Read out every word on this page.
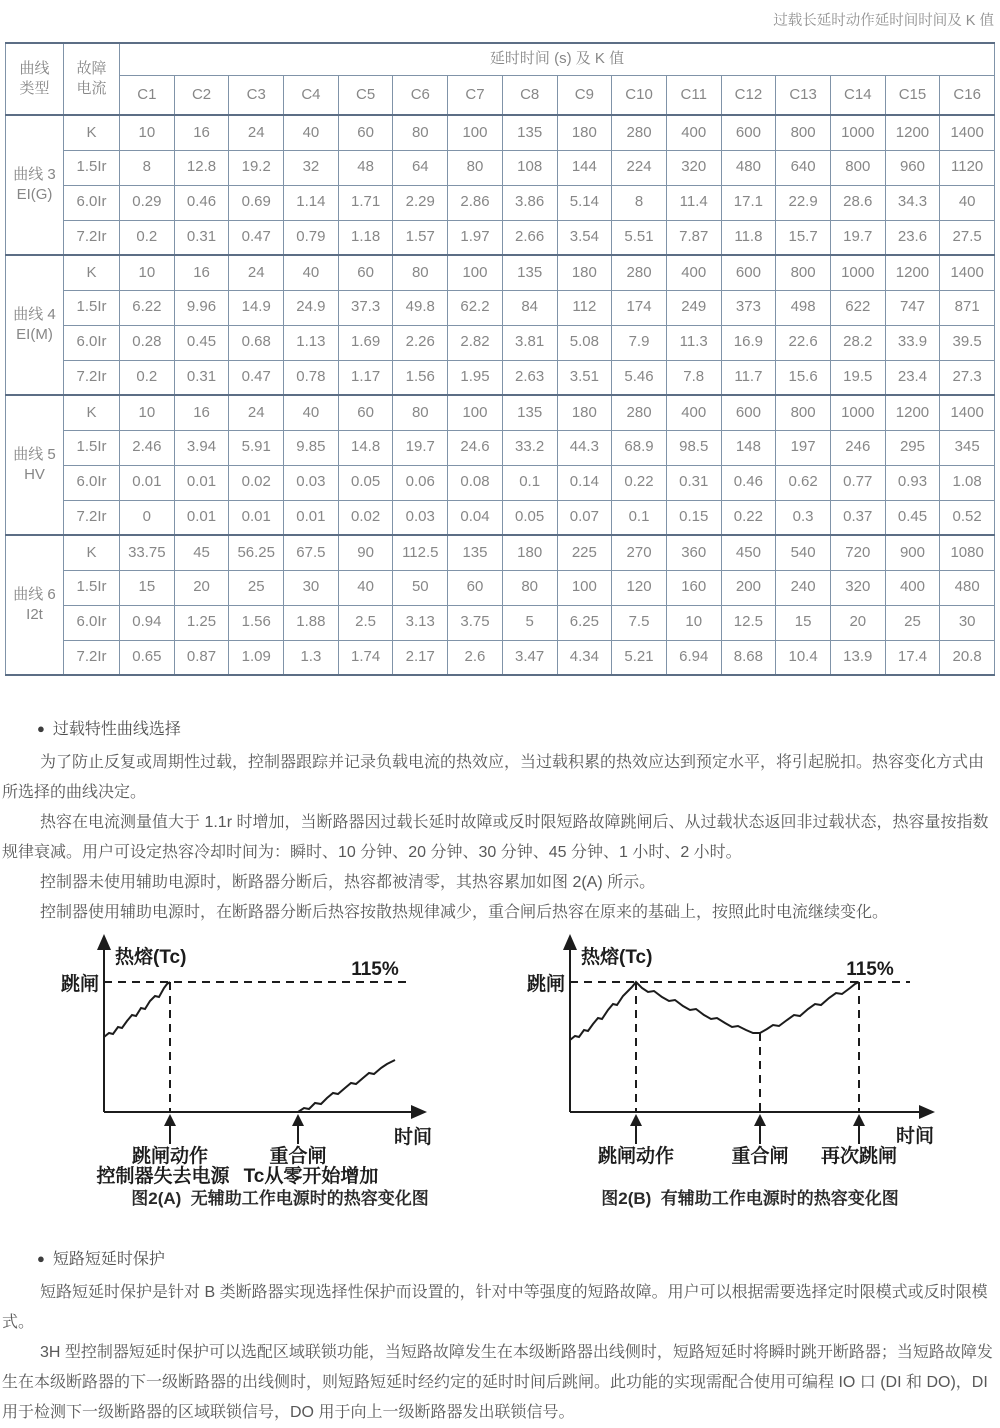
过载长延时动作延时间时间及 K 值
曲线
类型	故障
电流	延时时间 (s) 及 K 值															
		C1	C2	C3	C4	C5	C6	C7	C8	C9	C10	C11	C12	C13	C14	C15	C16
曲线 3
EI(G)	K	10	16	24	40	60	80	100	135	180	280	400	600	800	1000	1200	1400
	1.5Ir	8	12.8	19.2	32	48	64	80	108	144	224	320	480	640	800	960	1120
	6.0Ir	0.29	0.46	0.69	1.14	1.71	2.29	2.86	3.86	5.14	8	11.4	17.1	22.9	28.6	34.3	40
	7.2Ir	0.2	0.31	0.47	0.79	1.18	1.57	1.97	2.66	3.54	5.51	7.87	11.8	15.7	19.7	23.6	27.5
曲线 4
EI(M)	K	10	16	24	40	60	80	100	135	180	280	400	600	800	1000	1200	1400
	1.5Ir	6.22	9.96	14.9	24.9	37.3	49.8	62.2	84	112	174	249	373	498	622	747	871
	6.0Ir	0.28	0.45	0.68	1.13	1.69	2.26	2.82	3.81	5.08	7.9	11.3	16.9	22.6	28.2	33.9	39.5
	7.2Ir	0.2	0.31	0.47	0.78	1.17	1.56	1.95	2.63	3.51	5.46	7.8	11.7	15.6	19.5	23.4	27.3
曲线 5
HV	K	10	16	24	40	60	80	100	135	180	280	400	600	800	1000	1200	1400
	1.5Ir	2.46	3.94	5.91	9.85	14.8	19.7	24.6	33.2	44.3	68.9	98.5	148	197	246	295	345
	6.0Ir	0.01	0.01	0.02	0.03	0.05	0.06	0.08	0.1	0.14	0.22	0.31	0.46	0.62	0.77	0.93	1.08
	7.2Ir	0	0.01	0.01	0.01	0.02	0.03	0.04	0.05	0.07	0.1	0.15	0.22	0.3	0.37	0.45	0.52
曲线 6
I2t	K	33.75	45	56.25	67.5	90	112.5	135	180	225	270	360	450	540	720	900	1080
	1.5Ir	15	20	25	30	40	50	60	80	100	120	160	200	240	320	400	480
	6.0Ir	0.94	1.25	1.56	1.88	2.5	3.13	3.75	5	6.25	7.5	10	12.5	15	20	25	30
	7.2Ir	0.65	0.87	1.09	1.3	1.74	2.17	2.6	3.47	4.34	5.21	6.94	8.68	10.4	13.9	17.4	20.8
● 过载特性曲线选择

为了防止反复或周期性过载，控制器跟踪并记录负载电流的热效应，当过载积累的热效应达到预定水平，将引起脱扣。热容变化方式由所选择的曲线决定。

热容在电流测量值大于 1.1r 时增加，当断路器因过载长延时故障或反时限短路故障跳闸后、从过载状态返回非过载状态，热容量按指数规律衰减。用户可设定热容冷却时间为：瞬时、10 分钟、20 分钟、30 分钟、45 分钟、1 小时、2 小时。

控制器未使用辅助电源时，断路器分断后，热容都被清零，其热容累加如图 2(A) 所示。

控制器使用辅助电源时，在断路器分断后热容按散热规律减少，重合闸后热容在原来的基础上，按照此时电流继续变化。

热熔(Tc)
跳闸
115%
时间
跳闸动作	重合闸
控制器失去电源 Tc从零开始增加
图2(A)  无辅助工作电源时的热容变化图
热熔(Tc)
跳闸
115%
时间
跳闸动作	重合闸 再次跳闸
图2(B)  有辅助工作电源时的热容变化图
● 短路短延时保护

短路短延时保护是针对 B 类断路器实现选择性保护而设置的，针对中等强度的短路故障。用户可以根据需要选择定时限模式或反时限模式。

3H 型控制器短延时保护可以选配区域联锁功能，当短路故障发生在本级断路器出线侧时，短路短延时将瞬时跳开断路器；当短路故障发生在本级断路器的下一级断路器的出线侧时，则短路短延时经约定的延时时间后跳闸。此功能的实现需配合使用可编程 IO 口 (DI 和 DO)，DI 用于检测下一级断路器的区域联锁信号，DO 用于向上一级断路器发出联锁信号。
